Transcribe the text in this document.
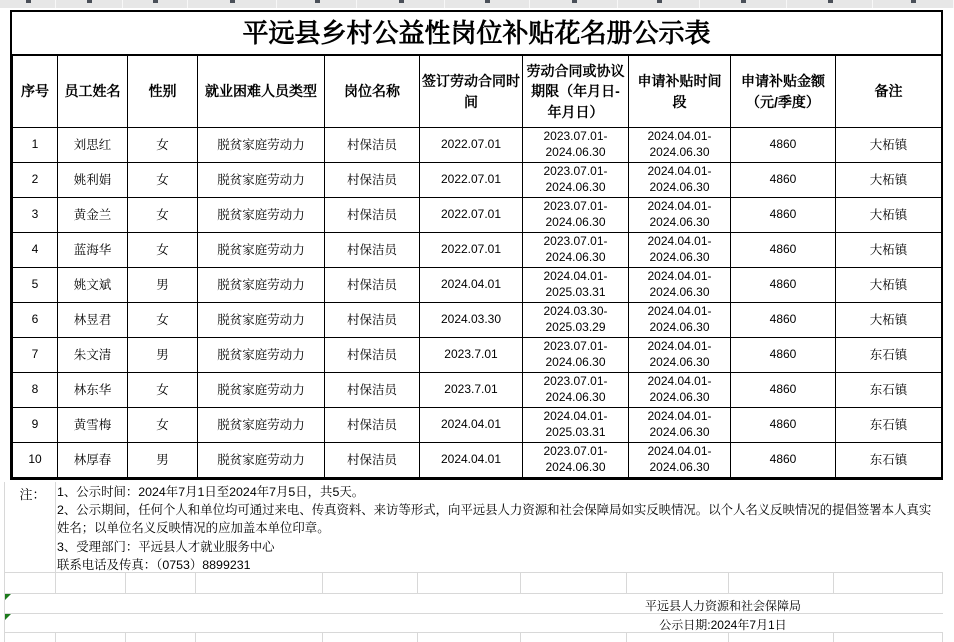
平远县乡村公益性岗位补贴花名册公示表
序号	员工姓名	性别	就业困难人员类型	岗位名称	签订劳动合同时间	劳动合同或协议期限（年月日-年月日）	申请补贴时间段	申请补贴金额（元/季度）	备注
1	刘思红	女	脱贫家庭劳动力	村保洁员	2022.07.01	2023.07.01-2024.06.30	2024.04.01-2024.06.30	4860	大柘镇
2	姚利娟	女	脱贫家庭劳动力	村保洁员	2022.07.01	2023.07.01-2024.06.30	2024.04.01-2024.06.30	4860	大柘镇
3	黄金兰	女	脱贫家庭劳动力	村保洁员	2022.07.01	2023.07.01-2024.06.30	2024.04.01-2024.06.30	4860	大柘镇
4	蓝海华	女	脱贫家庭劳动力	村保洁员	2022.07.01	2023.07.01-2024.06.30	2024.04.01-2024.06.30	4860	大柘镇
5	姚文斌	男	脱贫家庭劳动力	村保洁员	2024.04.01	2024.04.01-2025.03.31	2024.04.01-2024.06.30	4860	大柘镇
6	林昱君	女	脱贫家庭劳动力	村保洁员	2024.03.30	2024.03.30-2025.03.29	2024.04.01-2024.06.30	4860	大柘镇
7	朱文清	男	脱贫家庭劳动力	村保洁员	2023.7.01	2023.07.01-2024.06.30	2024.04.01-2024.06.30	4860	东石镇
8	林东华	女	脱贫家庭劳动力	村保洁员	2023.7.01	2023.07.01-2024.06.30	2024.04.01-2024.06.30	4860	东石镇
9	黄雪梅	女	脱贫家庭劳动力	村保洁员	2024.04.01	2024.04.01-2025.03.31	2024.04.01-2024.06.30	4860	东石镇
10	林厚春	男	脱贫家庭劳动力	村保洁员	2024.04.01	2023.07.01-2024.06.30	2024.04.01-2024.06.30	4860	东石镇
注： 1、公示时间：2024年7月1日至2024年7月5日，共5天。
2、公示期间，任何个人和单位均可通过来电、传真资料、来访等形式，向平远县人力资源和社会保障局如实反映情况。以个人名义反映情况的提倡签署本人真实姓名；以单位名义反映情况的应加盖本单位印章。
3、受理部门：平远县人才就业服务中心
联系电话及传真：（0753）8899231
平远县人力资源和社会保障局
公示日期:2024年7月1日
